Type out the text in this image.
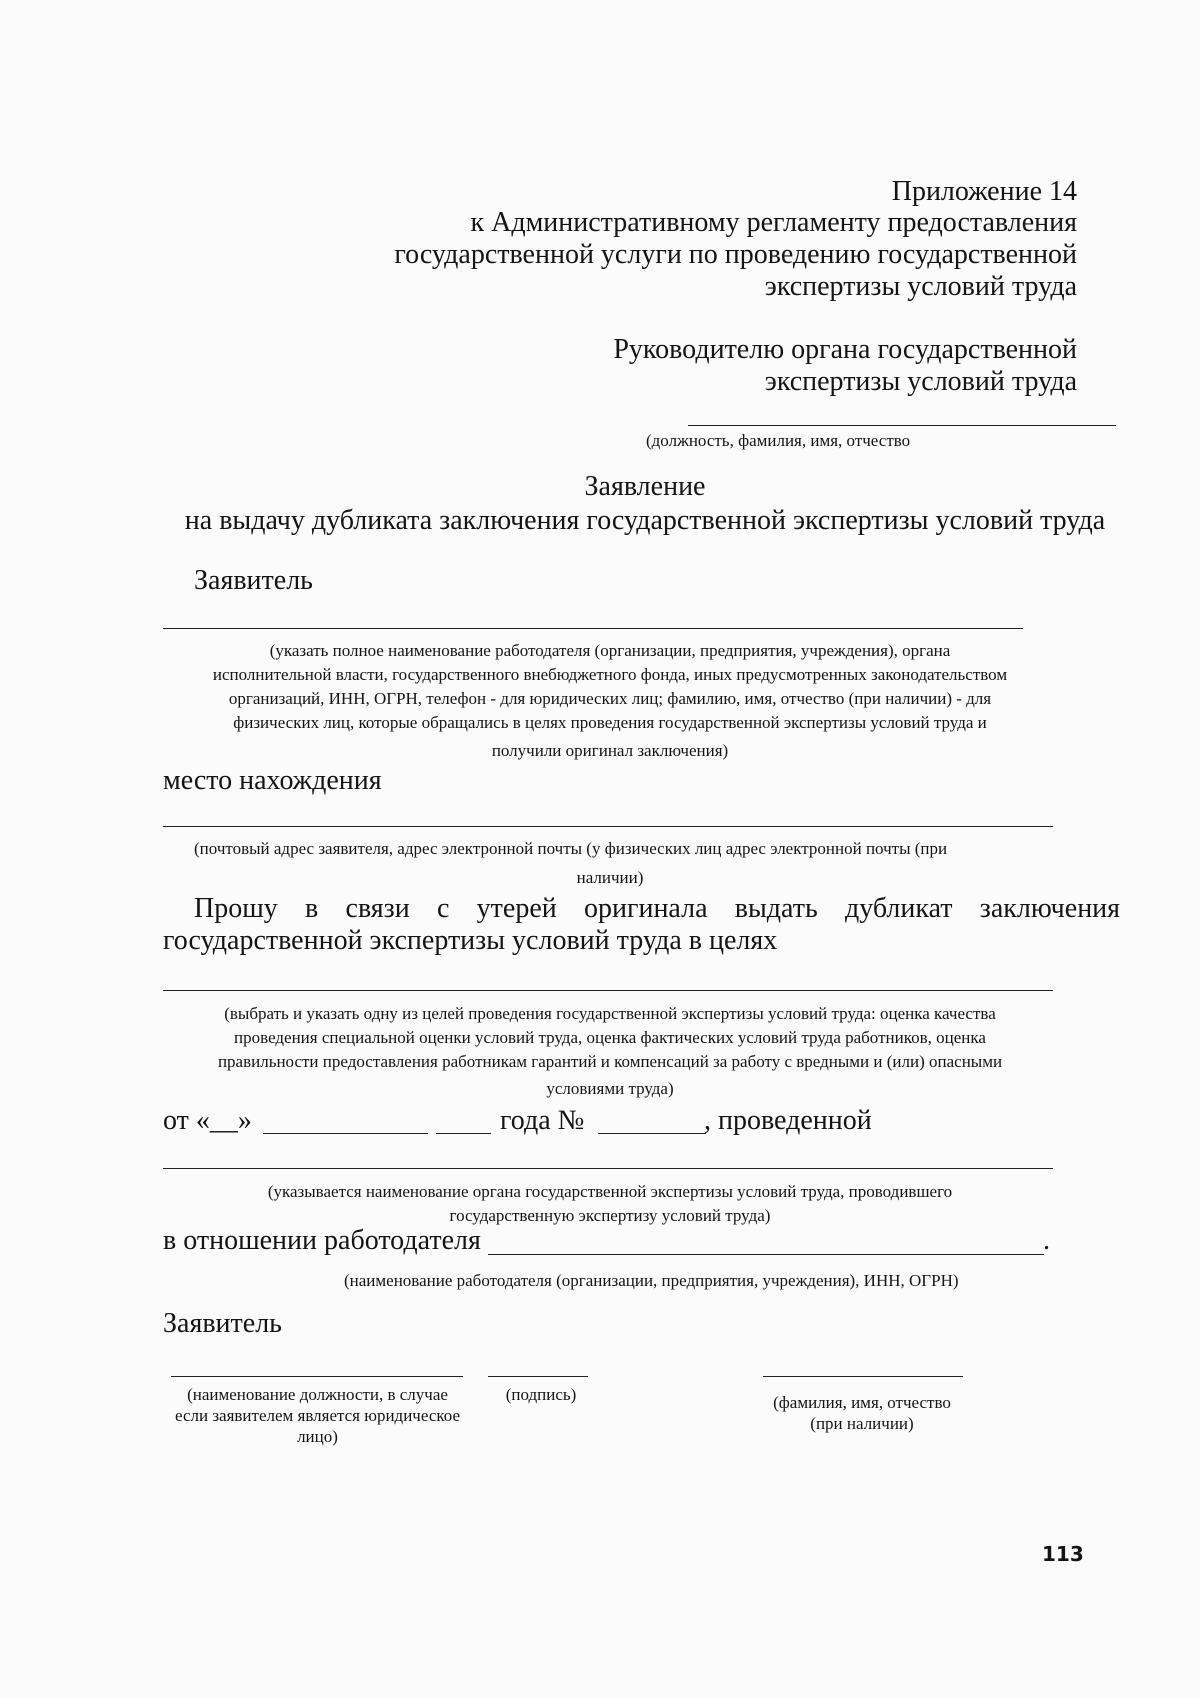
Приложение 14
к Административному регламенту предоставления
государственной услуги по проведению государственной
экспертизы условий труда
Руководителю органа государственной
экспертизы условий труда
(должность, фамилия, имя, отчество
Заявление
на выдачу дубликата заключения государственной экспертизы условий труда
Заявитель
(указать полное наименование работодателя (организации, предприятия, учреждения), органа
исполнительной власти, государственного внебюджетного фонда, иных предусмотренных законодательством
организаций, ИНН, ОГРН, телефон - для юридических лиц; фамилию, имя, отчество (при наличии) - для
физических лиц, которые обращались в целях проведения государственной экспертизы условий труда и
получили оригинал заключения)
место нахождения
(почтовый адрес заявителя, адрес электронной почты (у физических лиц адрес электронной почты (при
наличии)
Прошу в связи с утерей оригинала выдать дубликат заключения
государственной экспертизы условий труда в целях
(выбрать и указать одну из целей проведения государственной экспертизы условий труда: оценка качества
проведения специальной оценки условий труда, оценка фактических условий труда работников, оценка
правильности предоставления работникам гарантий и компенсаций за работу с вредными и (или) опасными
условиями труда)
от «__»	года №	, проведенной
(указывается наименование органа государственной экспертизы условий труда, проводившего
государственную экспертизу условий труда)
в отношении работодателя	.
(наименование работодателя (организации, предприятия, учреждения), ИНН, ОГРН)
Заявитель
(наименование должности, в случае
если заявителем является юридическое
лицо)
(подпись)	(фамилия, имя, отчество
(при наличии)
113
